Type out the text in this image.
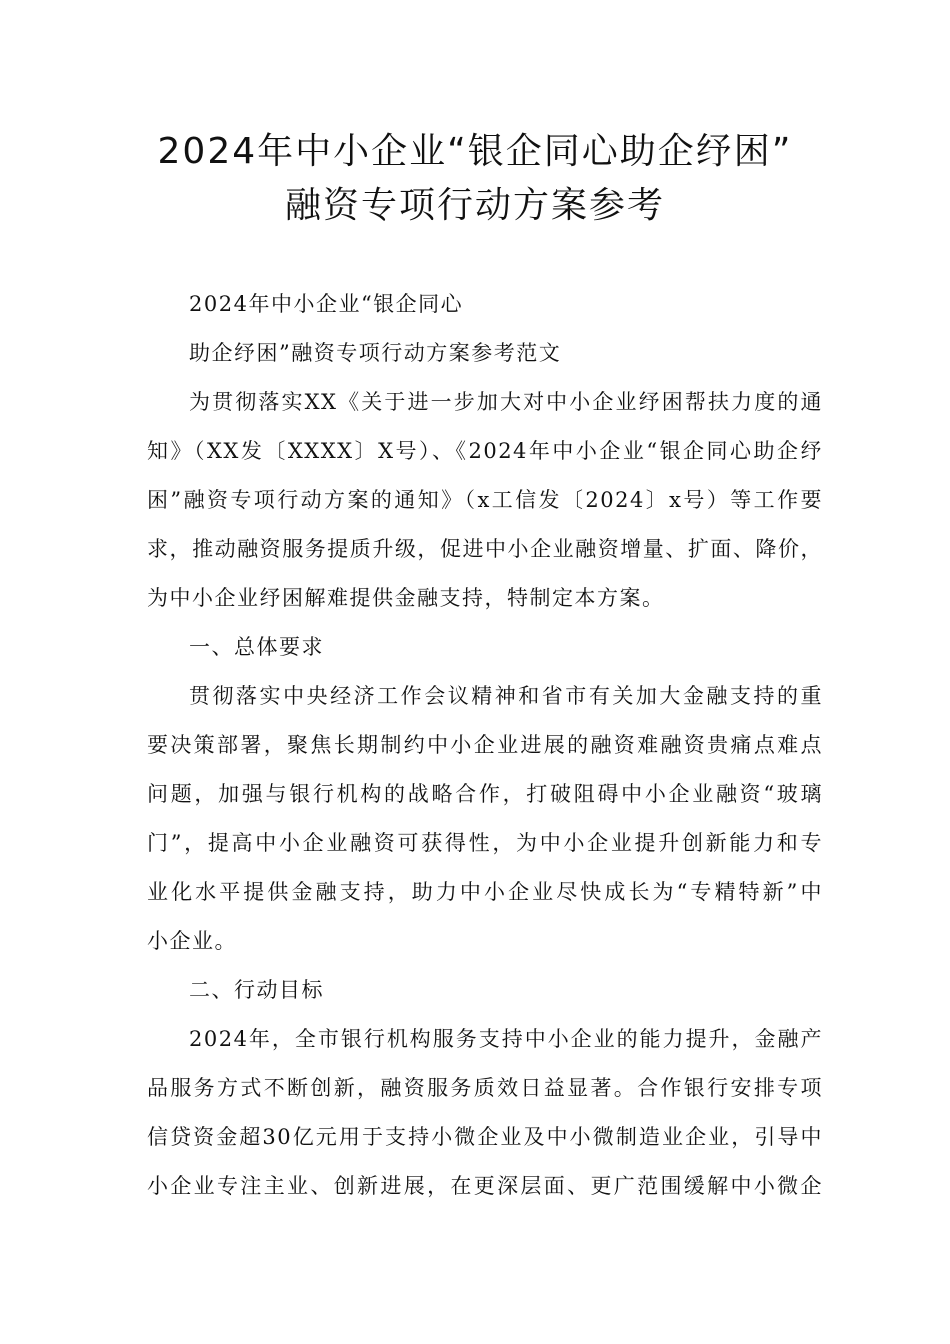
2024年中小企业“银企同心助企纾困”
融资专项行动方案参考
2024年中小企业“银企同心
助企纾困”融资专项行动方案参考范文
为贯彻落实XX《关于进一步加大对中小企业纾困帮扶力度的通
知》（XX发〔XXXX〕X号）、《2024年中小企业“银企同心助企纾
困”融资专项行动方案的通知》（x工信发〔2024〕x号）等工作要
求，推动融资服务提质升级，促进中小企业融资增量、扩面、降价，
为中小企业纾困解难提供金融支持，特制定本方案。
一、总体要求
贯彻落实中央经济工作会议精神和省市有关加大金融支持的重
要决策部署，聚焦长期制约中小企业进展的融资难融资贵痛点难点
问题，加强与银行机构的战略合作，打破阻碍中小企业融资“玻璃
门”，提高中小企业融资可获得性，为中小企业提升创新能力和专
业化水平提供金融支持，助力中小企业尽快成长为“专精特新”中
小企业。
二、行动目标
2024年，全市银行机构服务支持中小企业的能力提升，金融产
品服务方式不断创新，融资服务质效日益显著。合作银行安排专项
信贷资金超30亿元用于支持小微企业及中小微制造业企业，引导中
小企业专注主业、创新进展，在更深层面、更广范围缓解中小微企
